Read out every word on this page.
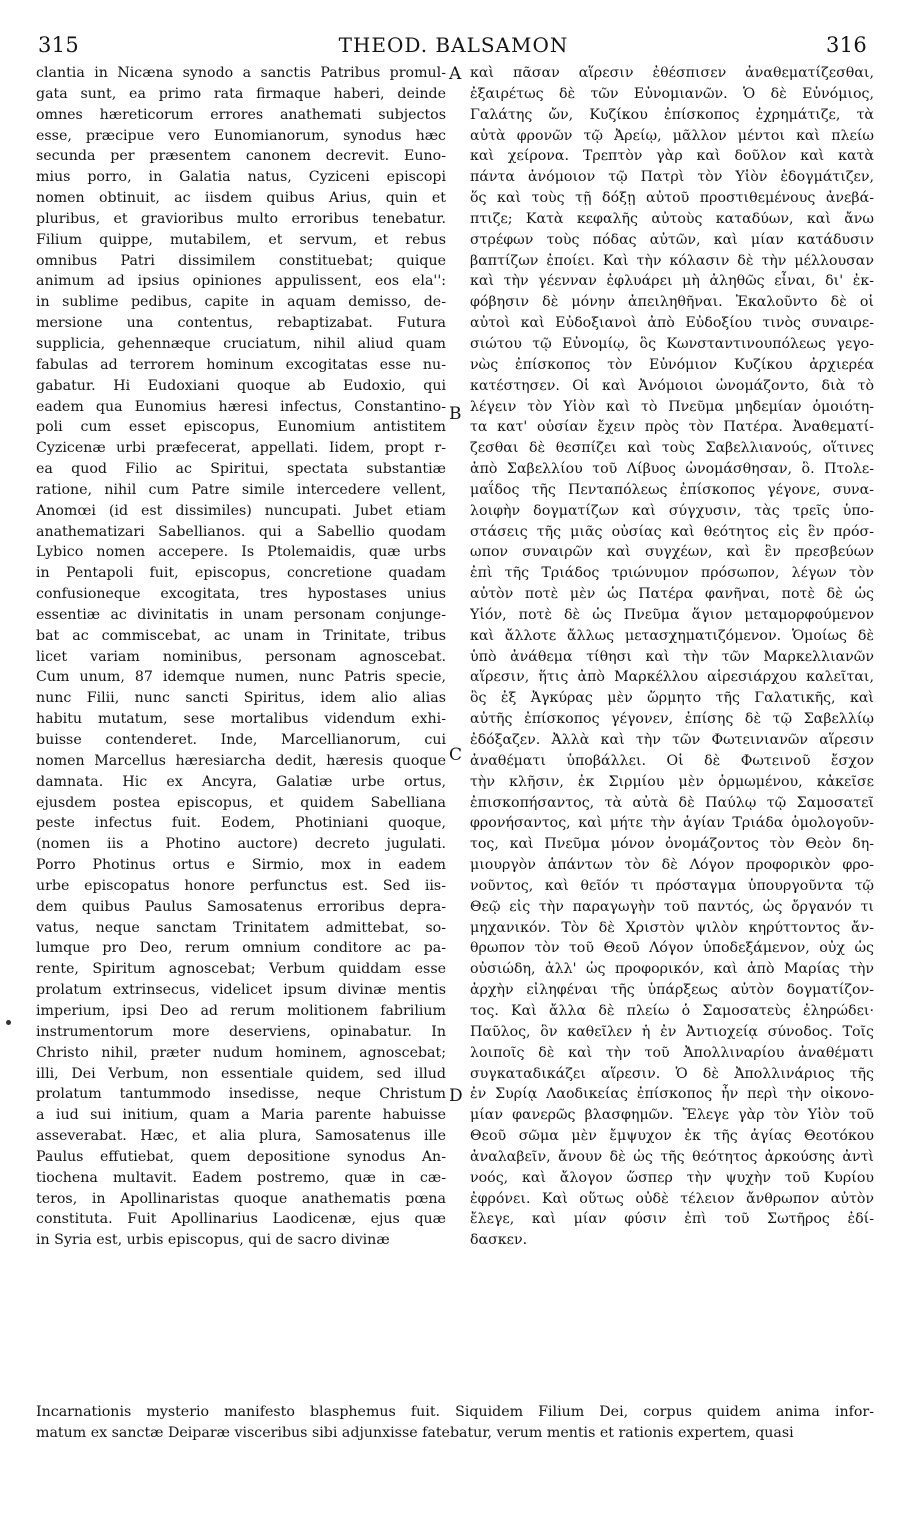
315	THEOD. BALSAMON	316
clantia in Nicæna synodo a sanctis Patribus promul-
gata sunt, ea primo rata firmaque haberi, deinde
omnes hæreticorum errores anathemati subjectos
esse, præcipue vero Eunomianorum, synodus hæc
secunda per præsentem canonem decrevit. Euno-
mius porro, in Galatia natus, Cyziceni episcopi
nomen obtinuit, ac iisdem quibus Arius, quin et
pluribus, et gravioribus multo erroribus tenebatur.
Filium quippe, mutabilem, et servum, et rebus
omnibus Patri dissimilem constituebat; quique
animum ad ipsius opiniones appulissent, eos ela'':
in sublime pedibus, capite in aquam demisso, de-
mersione una contentus, rebaptizabat. Futura
supplicia, gehennæque cruciatum, nihil aliud quam
fabulas ad terrorem hominum excogitatas esse nu-
gabatur. Hi Eudoxiani quoque ab Eudoxio, qui
eadem qua Eunomius hæresi infectus, Constantino-
poli cum esset episcopus, Eunomium antistitem
Cyzicenæ urbi præfecerat, appellati. Iidem, propt r-
ea quod Filio ac Spiritui, spectata substantiæ
ratione, nihil cum Patre simile intercedere vellent,
Anomœi (id est dissimiles) nuncupati. Jubet etiam
anathematizari Sabellianos. qui a Sabellio quodam
Lybico nomen accepere. Is Ptolemaidis, quæ urbs
in Pentapoli fuit, episcopus, concretione quadam
confusioneque excogitata, tres hypostases unius
essentiæ ac divinitatis in unam personam conjunge-
bat ac commiscebat, ac unam in Trinitate, tribus
licet variam nominibus, personam agnoscebat.
Cum unum, 87 idemque numen, nunc Patris specie,
nunc Filii, nunc sancti Spiritus, idem alio alias
habitu mutatum, sese mortalibus videndum exhi-
buisse contenderet. Inde, Marcellianorum, cui
nomen Marcellus hæresiarcha dedit, hæresis quoque
damnata. Hic ex Ancyra, Galatiæ urbe ortus,
ejusdem postea episcopus, et quidem Sabelliana
peste infectus fuit. Eodem, Photiniani quoque,
(nomen iis a Photino auctore) decreto jugulati.
Porro Photinus ortus e Sirmio, mox in eadem
urbe episcopatus honore perfunctus est. Sed iis-
dem quibus Paulus Samosatenus erroribus depra-
vatus, neque sanctam Trinitatem admittebat, so-
lumque pro Deo, rerum omnium conditore ac pa-
rente, Spiritum agnoscebat; Verbum quiddam esse
prolatum extrinsecus, videlicet ipsum divinæ mentis
imperium, ipsi Deo ad rerum molitionem fabrilium
instrumentorum more deserviens, opinabatur. In
Christo nihil, præter nudum hominem, agnoscebat;
illi, Dei Verbum, non essentiale quidem, sed illud
prolatum tantummodo insedisse, neque Christum
a iud sui initium, quam a Maria parente habuisse
asseverabat. Hæc, et alia plura, Samosatenus ille
Paulus effutiebat, quem depositione synodus An-
tiochena multavit. Eadem postremo, quæ in cæ-
teros, in Apollinaristas quoque anathematis pœna
constituta. Fuit Apollinarius Laodicenæ, ejus quæ
in Syria est, urbis episcopus, qui de sacro divinæ
καὶ πᾶσαν αἵρεσιν ἐθέσπισεν ἀναθεματίζεσθαι,
ἐξαιρέτως δὲ τῶν Εὐνομιανῶν. Ὁ δὲ Εὐνόμιος,
Γαλάτης ὤν, Κυζίκου ἐπίσκοπος ἐχρημάτιζε, τὰ
αὐτὰ φρονῶν τῷ Ἀρείῳ, μᾶλλον μέντοι καὶ πλείω
καὶ χείρονα. Τρεπτὸν γὰρ καὶ δοῦλον καὶ κατὰ
πάντα ἀνόμοιον τῷ Πατρὶ τὸν Υἱὸν ἐδογμάτιζεν,
ὅς καὶ τοὺς τῇ δόξῃ αὐτοῦ προστιθεμένους ἀνεβά-
πτιζε; Κατὰ κεφαλῆς αὐτοὺς καταδύων, καὶ ἄνω
στρέφων τοὺς πόδας αὐτῶν, καὶ μίαν κατάδυσιν
βαπτίζων ἐποίει. Καὶ τὴν κόλασιν δὲ τὴν μέλλουσαν
καὶ τὴν γέενναν ἐφλυάρει μὴ ἀληθῶς εἶναι, δι' ἐκ-
φόβησιν δὲ μόνην ἀπειληθῆναι. Ἐκαλοῦντο δὲ οἱ
αὐτοὶ καὶ Εὐδοξιανοὶ ἀπὸ Εὐδοξίου τινὸς συναιρε-
σιώτου τῷ Εὐνομίῳ, ὃς Κωνσταντινουπόλεως γεγο-
νὼς ἐπίσκοπος τὸν Εὐνόμιον Κυζίκου ἀρχιερέα
κατέστησεν. Οἱ καὶ Ἀνόμοιοι ὠνομάζοντο, διὰ τὸ
λέγειν τὸν Υἱὸν καὶ τὸ Πνεῦμα μηδεμίαν ὁμοιότη-
τα κατ' οὐσίαν ἔχειν πρὸς τὸν Πατέρα. Ἀναθεματί-
ζεσθαι δὲ θεσπίζει καὶ τοὺς Σαβελλιανούς, οἵτινες
ἀπὸ Σαβελλίου τοῦ Λίβυος ὠνομάσθησαν, ὃ. Πτολε-
μαΐδος τῆς Πενταπόλεως ἐπίσκοπος γέγονε, συνα-
λοιφὴν δογματίζων καὶ σύγχυσιν, τὰς τρεῖς ὑπο-
στάσεις τῆς μιᾶς οὐσίας καὶ θεότητος εἰς ἓν πρόσ-
ωπον συναιρῶν καὶ συγχέων, καὶ ἓν πρεσβεύων
ἐπὶ τῆς Τριάδος τριώνυμον πρόσωπον, λέγων τὸν
αὐτὸν ποτὲ μὲν ὡς Πατέρα φανῆναι, ποτὲ δὲ ὡς
Υἱόν, ποτὲ δὲ ὡς Πνεῦμα ἅγιον μεταμορφούμενον
καὶ ἄλλοτε ἄλλως μετασχηματιζόμενον. Ὁμοίως δὲ
ὑπὸ ἀνάθεμα τίθησι καὶ τὴν τῶν Μαρκελλιανῶν
αἵρεσιν, ἥτις ἀπὸ Μαρκέλλου αἱρεσιάρχου καλεῖται,
ὃς ἐξ Ἀγκύρας μὲν ὥρμητο τῆς Γαλατικῆς, καὶ
αὐτῆς ἐπίσκοπος γέγονεν, ἐπίσης δὲ τῷ Σαβελλίῳ
ἐδόξαζεν. Ἀλλὰ καὶ τὴν τῶν Φωτεινιανῶν αἵρεσιν
ἀναθέματι ὑποβάλλει. Οἱ δὲ Φωτεινοῦ ἔσχον
τὴν κλῆσιν, ἐκ Σιρμίου μὲν ὁρμωμένου, κἀκεῖσε
ἐπισκοπήσαντος, τὰ αὐτὰ δὲ Παύλῳ τῷ Σαμοσατεῖ
φρονήσαντος, καὶ μήτε τὴν ἁγίαν Τριάδα ὁμολογοῦν-
τος, καὶ Πνεῦμα μόνον ὀνομάζοντος τὸν Θεὸν δη-
μιουργὸν ἁπάντων τὸν δὲ Λόγον προφορικὸν φρο-
νοῦντος, καὶ θεῖόν τι πρόσταγμα ὑπουργοῦντα τῷ
Θεῷ εἰς τὴν παραγωγὴν τοῦ παντός, ὡς ὄργανόν τι
μηχανικόν. Τὸν δὲ Χριστὸν ψιλὸν κηρύττοντος ἄν-
θρωπον τὸν τοῦ Θεοῦ Λόγον ὑποδεξάμενον, οὐχ ὡς
οὐσιώδη, ἀλλ' ὡς προφορικόν, καὶ ἀπὸ Μαρίας τὴν
ἀρχὴν εἰληφέναι τῆς ὑπάρξεως αὐτὸν δογματίζον-
τος. Καὶ ἄλλα δὲ πλείω ὁ Σαμοσατεὺς ἐληρώδει·
Παῦλος, ὃν καθεῖλεν ἡ ἐν Ἀντιοχείᾳ σύνοδος. Τοῖς
λοιποῖς δὲ καὶ τὴν τοῦ Ἀπολλιναρίου ἀναθέματι
συγκαταδικάζει αἵρεσιν. Ὁ δὲ Ἀπολλινάριος τῆς
ἐν Συρίᾳ Λαοδικείας ἐπίσκοπος ἦν περὶ τὴν οἰκονο-
μίαν φανερῶς βλασφημῶν. Ἔλεγε γὰρ τὸν Υἱὸν τοῦ
Θεοῦ σῶμα μὲν ἔμψυχον ἐκ τῆς ἁγίας Θεοτόκου
ἀναλαβεῖν, ἄνουν δὲ ὡς τῆς θεότητος ἀρκούσης ἀντὶ
νοός, καὶ ἄλογον ὥσπερ τὴν ψυχὴν τοῦ Κυρίου
ἐφρόνει. Καὶ οὕτως οὐδὲ τέλειον ἄνθρωπον αὐτὸν
ἔλεγε, καὶ μίαν φύσιν ἐπὶ τοῦ Σωτῆρος ἐδί-
δασκεν.
A
B
C
D
Incarnationis mysterio manifesto blasphemus fuit. Siquidem Filium Dei, corpus quidem anima infor-
matum ex sanctæ Deiparæ visceribus sibi adjunxisse fatebatur, verum mentis et rationis expertem, quasi
